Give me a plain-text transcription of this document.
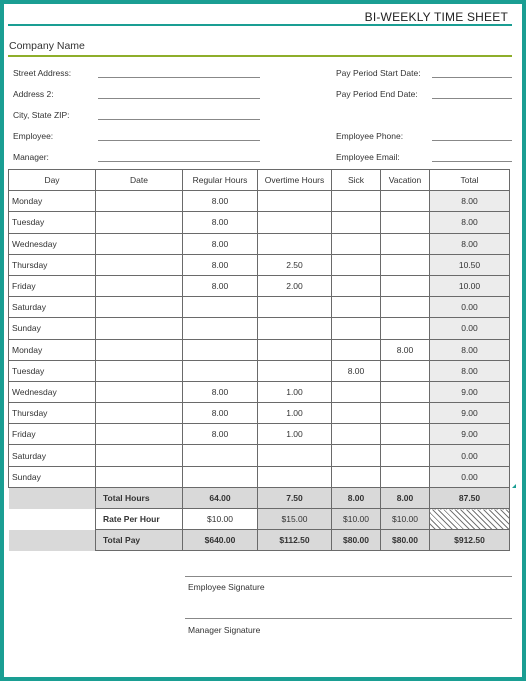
BI-WEEKLY TIME SHEET
Company Name
Street Address:
Address 2:
City, State ZIP:
Employee:
Manager:
Pay Period Start Date:
Pay Period End Date:
Employee Phone:
Employee Email:
Day	Date	Regular Hours	Overtime Hours	Sick	Vacation	Total
Monday		8.00				8.00
Tuesday		8.00				8.00
Wednesday		8.00				8.00
Thursday		8.00	2.50			10.50
Friday		8.00	2.00			10.00
Saturday						0.00
Sunday						0.00
Monday					8.00	8.00
Tuesday				8.00		8.00
Wednesday		8.00	1.00			9.00
Thursday		8.00	1.00			9.00
Friday		8.00	1.00			9.00
Saturday						0.00
Sunday						0.00
	Total Hours	64.00	7.50	8.00	8.00	87.50
	Rate Per Hour	$10.00	$15.00	$10.00	$10.00	
	Total Pay	$640.00	$112.50	$80.00	$80.00	$912.50
Employee Signature
Manager Signature
